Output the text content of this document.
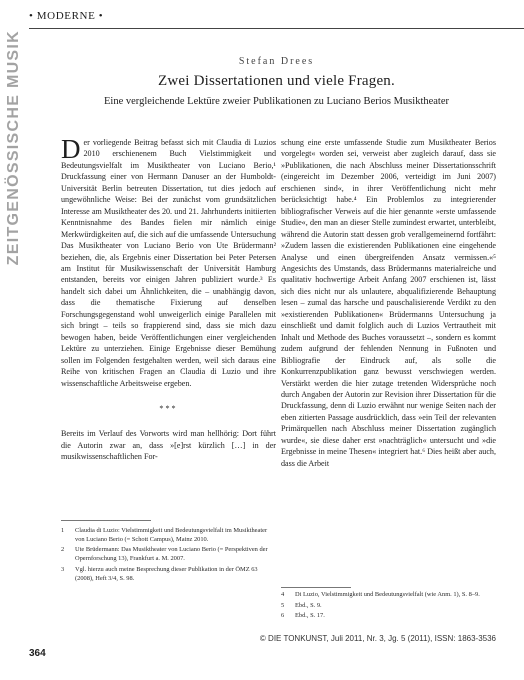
ZEITGENÖSSISCHE MUSIK
• MODERNE •
Stefan Drees
Zwei Dissertationen und viele Fragen.
Eine vergleichende Lektüre zweier Publikationen zu Luciano Berios Musiktheater

Der vorliegende Beitrag befasst sich mit Claudia di Luzios 2010 erschienenem Buch Vielstimmigkeit und Bedeutungsvielfalt im Musiktheater von Luciano Berio,¹ Druckfassung einer von Hermann Danuser an der Humboldt-Universität Berlin betreuten Dissertation, tut dies jedoch auf ungewöhnliche Weise: Bei der zunächst vom grundsätzlichen Interesse am Musiktheater des 20. und 21. Jahrhunderts initiierten Kenntnisnahme des Bandes fielen mir nämlich einige Merkwürdigkeiten auf, die sich auf die umfassende Untersuchung Das Musiktheater von Luciano Berio von Ute Brüdermann² beziehen, die, als Ergebnis einer Dissertation bei Peter Petersen am Institut für Musikwissenschaft der Universität Hamburg entstanden, bereits vor einigen Jahren publiziert wurde.³ Es handelt sich dabei um Ähnlichkeiten, die – unabhängig davon, dass die thematische Fixierung auf denselben Forschungsgegenstand wohl unweigerlich einige Parallelen mit sich bringt – teils so frappierend sind, dass sie mich dazu bewogen haben, beide Veröffentlichungen einer vergleichenden Lektüre zu unterziehen. Einige Ergebnisse dieser Bemühung sollen im Folgenden festgehalten werden, weil sich daraus eine Reihe von kritischen Fragen an Claudia di Luzio und ihre wissenschaftliche Arbeitsweise ergeben.

***

Bereits im Verlauf des Vorworts wird man hellhörig: Dort führt die Autorin zwar an, dass »[e]rst kürzlich […] in der musikwissenschaftlichen For-

schung eine erste umfassende Studie zum Musiktheater Berios vorgelegt« worden sei, verweist aber zugleich darauf, dass sie »Publikationen, die nach Abschluss meiner Dissertationsschrift (eingereicht im Dezember 2006, verteidigt im Juni 2007) erschienen sind«, in ihrer Veröffentlichung nicht mehr berücksichtigt habe.⁴ Ein Problemlos zu integrierender bibliografischer Verweis auf die hier genannte »erste umfassende Studie«, den man an dieser Stelle zumindest erwartet, unterbleibt, während die Autorin statt dessen grob verallgemeinernd fortfährt: »Zudem lassen die existierenden Publikationen eine eingehende Analyse und einen übergreifenden Ansatz vermissen.«⁵ Angesichts des Umstands, dass Brüdermanns materialreiche und qualitativ hochwertige Arbeit Anfang 2007 erschienen ist, lässt sich dies nicht nur als unlautere, abqualifizierende Behauptung lesen – zumal das harsche und pauschalisierende Verdikt zu den »existierenden Publikationen« Brüdermanns Untersuchung ja einschließt und damit folglich auch di Luzios Vertrautheit mit Inhalt und Methode des Buches voraussetzt –, sondern es kommt zudem aufgrund der fehlenden Nennung in Fußnoten und Bibliografie der Eindruck auf, als solle die Konkurrenzpublikation ganz bewusst verschwiegen werden. Verstärkt werden die hier zutage tretenden Widersprüche noch durch Angaben der Autorin zur Revision ihrer Dissertation für die Druckfassung, denn di Luzio erwähnt nur wenige Seiten nach der eben zitierten Passage ausdrücklich, dass »ein Teil der relevanten Primärquellen nach Abschluss meiner Dissertation zugänglich wurde«, sie diese daher erst »nachträglich« untersucht und »die Ergebnisse in meine Thesen« integriert hat.⁶ Dies heißt aber auch, dass die Arbeit

1	Claudia di Luzio: Vielstimmigkeit und Bedeutungsvielfalt im Musiktheater von Luciano Berio (= Schott Campus), Mainz 2010.
2	Ute Brüdermann: Das Musiktheater von Luciano Berio (= Perspektiven der Opernforschung 13), Frankfurt a. M. 2007.
3	Vgl. hierzu auch meine Besprechung dieser Publikation in der ÖMZ 63 (2008), Heft 3/4, S. 98.
4	Di Luzio, Vielstimmigkeit und Bedeutungsvielfalt (wie Anm. 1), S. 8–9.
5	Ebd., S. 9.
6	Ebd., S. 17.
© DIE TONKUNST, Juli 2011, Nr. 3, Jg. 5 (2011), ISSN: 1863-3536
364
